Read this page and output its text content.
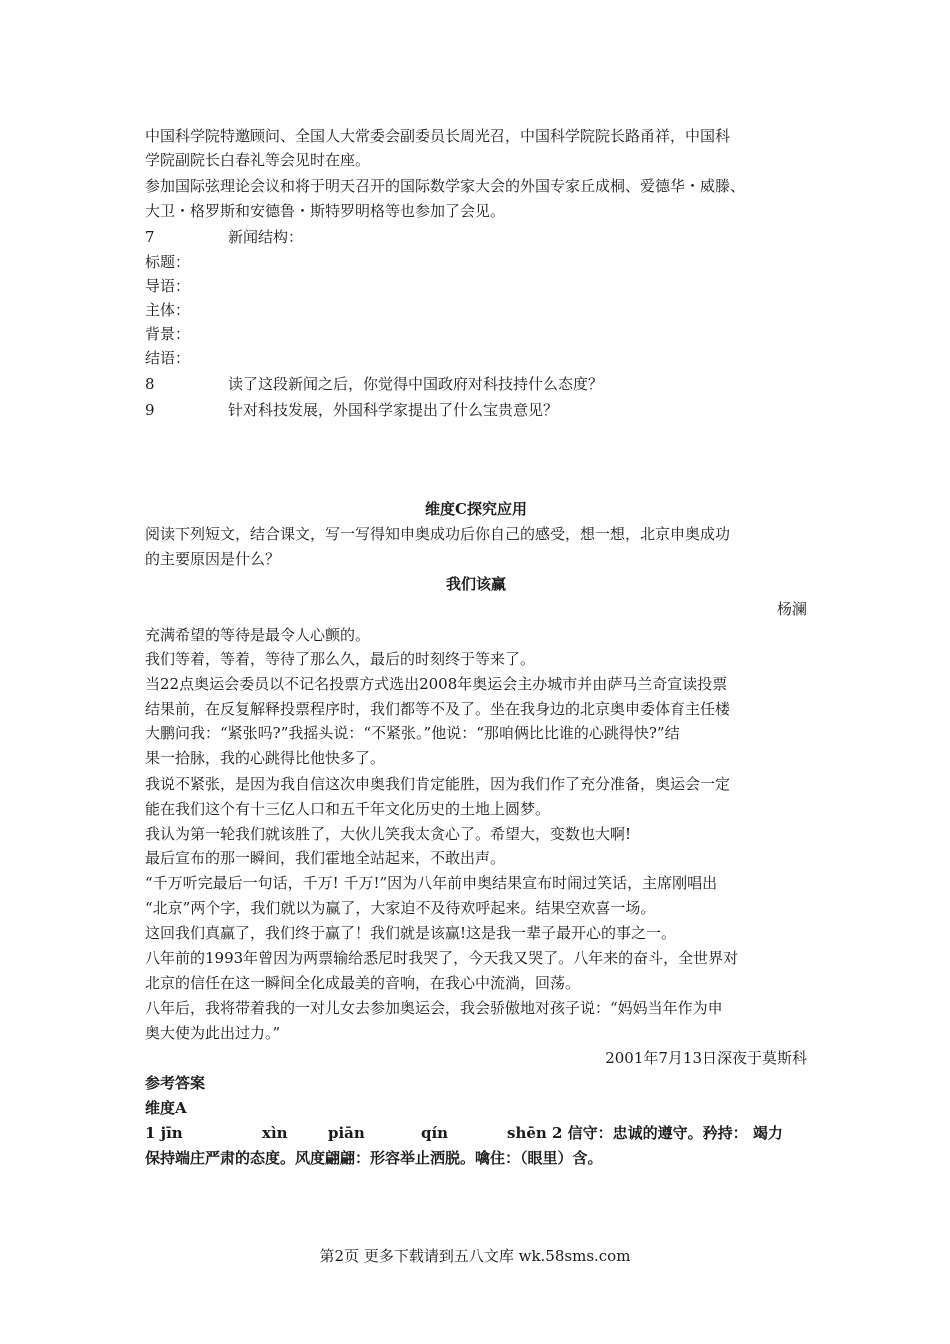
中国科学院特邀顾问、全国人大常委会副委员长周光召，中国科学院院长路甬祥，中国科
学院副院长白春礼等会见时在座。
参加国际弦理论会议和将于明天召开的国际数学家大会的外国专家丘成桐、爱德华・威滕、
大卫・格罗斯和安德鲁・斯特罗明格等也参加了会见。
7	新闻结构：
标题：
导语：
主体：
背景：
结语：
8	读了这段新闻之后，你觉得中国政府对科技持什么态度？
9	针对科技发展，外国科学家提出了什么宝贵意见？
维度C探究应用
阅读下列短文，结合课文，写一写得知申奥成功后你自己的感受，想一想，北京申奥成功
的主要原因是什么？
我们该赢
杨澜
充满希望的等待是最令人心颤的。
我们等着，等着，等待了那么久，最后的时刻终于等来了。
当22点奥运会委员以不记名投票方式选出2008年奥运会主办城市并由萨马兰奇宣读投票
结果前，在反复解释投票程序时，我们都等不及了。坐在我身边的北京奥申委体育主任楼
大鹏问我：“紧张吗?”我摇头说：“不紧张。”他说：“那咱俩比比谁的心跳得快?”结
果一拾脉，我的心跳得比他快多了。
我说不紧张，是因为我自信这次申奥我们肯定能胜，因为我们作了充分准备，奥运会一定
能在我们这个有十三亿人口和五千年文化历史的土地上圆梦。
我认为第一轮我们就该胜了，大伙儿笑我太贪心了。希望大，变数也大啊!
最后宣布的那一瞬间，我们霍地全站起来，不敢出声。
“千万听完最后一句话，千万! 千万!”因为八年前申奥结果宣布时闹过笑话，主席刚唱出
“北京”两个字，我们就以为赢了，大家迫不及待欢呼起来。结果空欢喜一场。
这回我们真赢了，我们终于赢了！我们就是该赢!这是我一辈子最开心的事之一。
八年前的1993年曾因为两票输给悉尼时我哭了，今天我又哭了。八年来的奋斗，全世界对
北京的信任在这一瞬间全化成最美的音响，在我心中流淌，回荡。
八年后，我将带着我的一对儿女去参加奥运会，我会骄傲地对孩子说：“妈妈当年作为申
奥大使为此出过力。”
2001年7月13日深夜于莫斯科
参考答案
维度A
1 jīn	xìn	piān	qín	shēn 2 信守：忠诚的遵守。矜持： 竭力
保持端庄严肃的态度。风度翩翩：形容举止洒脱。噙住：（眼里）含。
第2页 更多下载请到五八文库 wk.58sms.com
